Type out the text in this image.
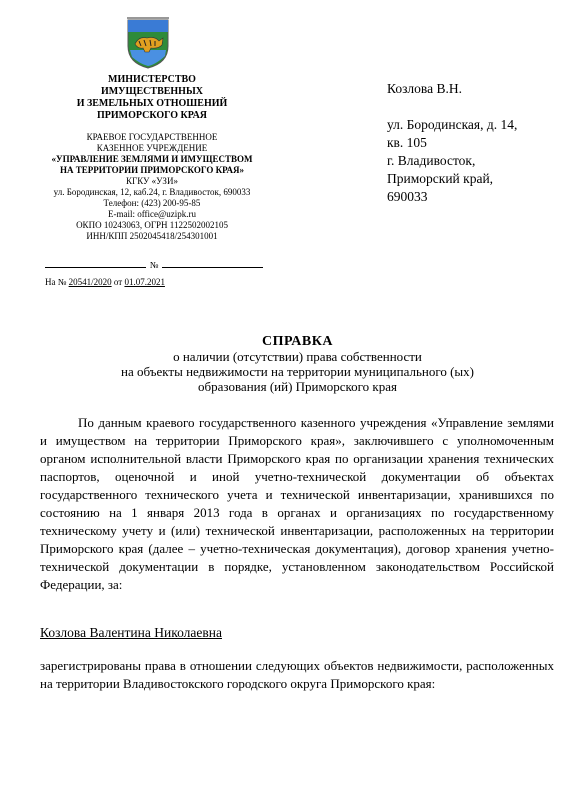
МИНИСТЕРСТВО
ИМУЩЕСТВЕННЫХ
И ЗЕМЕЛЬНЫХ ОТНОШЕНИЙ
ПРИМОРСКОГО КРАЯ
КРАЕВОЕ ГОСУДАРСТВЕННОЕ
КАЗЕННОЕ УЧРЕЖДЕНИЕ
«УПРАВЛЕНИЕ ЗЕМЛЯМИ И ИМУЩЕСТВОМ
НА ТЕРРИТОРИИ ПРИМОРСКОГО КРАЯ»
КГКУ «УЗИ»
ул. Бородинская, 12, каб.24, г. Владивосток, 690033
Телефон: (423) 200-95-85
E-mail: office@uzipk.ru
ОКПО 10243063, ОГРН 1122502002105
ИНН/КПП 2502045418/254301001
№
На № 20541/2020 от 01.07.2021
Козлова В.Н.
ул. Бородинская, д. 14,
кв. 105
г. Владивосток,
Приморский край,
690033
СПРАВКА
о наличии (отсутствии) права собственности
на объекты недвижимости на территории муниципального (ых)
образования (ий) Приморского края
По данным краевого государственного казенного учреждения «Управление землями и имуществом на территории Приморского края», заключившего с уполномоченным органом исполнительной власти Приморского края по организации хранения технических паспортов, оценочной и иной учетно-технической документации об объектах государственного технического учета и технической инвентаризации, хранившихся по состоянию на 1 января 2013 года в органах и организациях по государственному техническому учету и (или) технической инвентаризации, расположенных на территории Приморского края (далее – учетно-техническая документация), договор хранения учетно-технической документации в порядке, установленном законодательством Российской Федерации, за:
Козлова Валентина Николаевна
зарегистрированы права в отношении следующих объектов недвижимости, расположенных на территории Владивостокского городского округа Приморского края:
